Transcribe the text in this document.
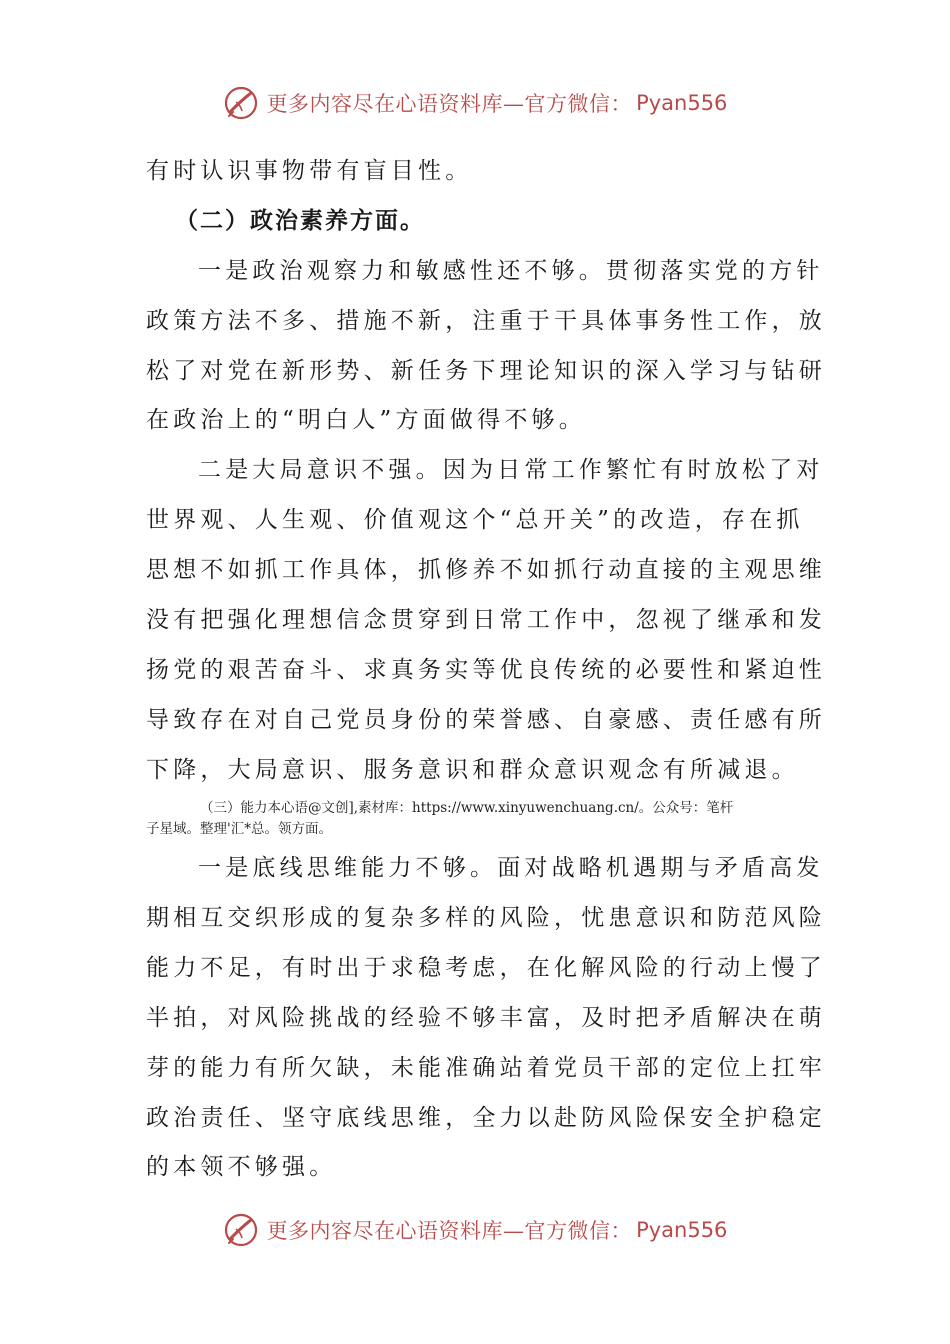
更多内容尽在心语资料库—官方微信： Pyan556
有时认识事物带有盲目性。
（二）政治素养方面。
一是政治观察力和敏感性还不够。贯彻落实党的方针
政策方法不多、措施不新，注重于干具体事务性工作，放
松了对党在新形势、新任务下理论知识的深入学习与钻研
在政治上的“明白人”方面做得不够。
二是大局意识不强。因为日常工作繁忙有时放松了对
世界观、人生观、价值观这个“总开关”的改造，存在抓
思想不如抓工作具体，抓修养不如抓行动直接的主观思维
没有把强化理想信念贯穿到日常工作中，忽视了继承和发
扬党的艰苦奋斗、求真务实等优良传统的必要性和紧迫性
导致存在对自己党员身份的荣誉感、自豪感、责任感有所
下降，大局意识、服务意识和群众意识观念有所减退。
（三）能力本心语@文创],素材库：https://www.xinyuwenchuang.cn/。公众号：笔杆
子星域。整理'汇*总。领方面。
一是底线思维能力不够。面对战略机遇期与矛盾高发
期相互交织形成的复杂多样的风险，忧患意识和防范风险
能力不足，有时出于求稳考虑，在化解风险的行动上慢了
半拍，对风险挑战的经验不够丰富，及时把矛盾解决在萌
芽的能力有所欠缺，未能准确站着党员干部的定位上扛牢
政治责任、坚守底线思维，全力以赴防风险保安全护稳定
的本领不够强。
更多内容尽在心语资料库—官方微信： Pyan556
